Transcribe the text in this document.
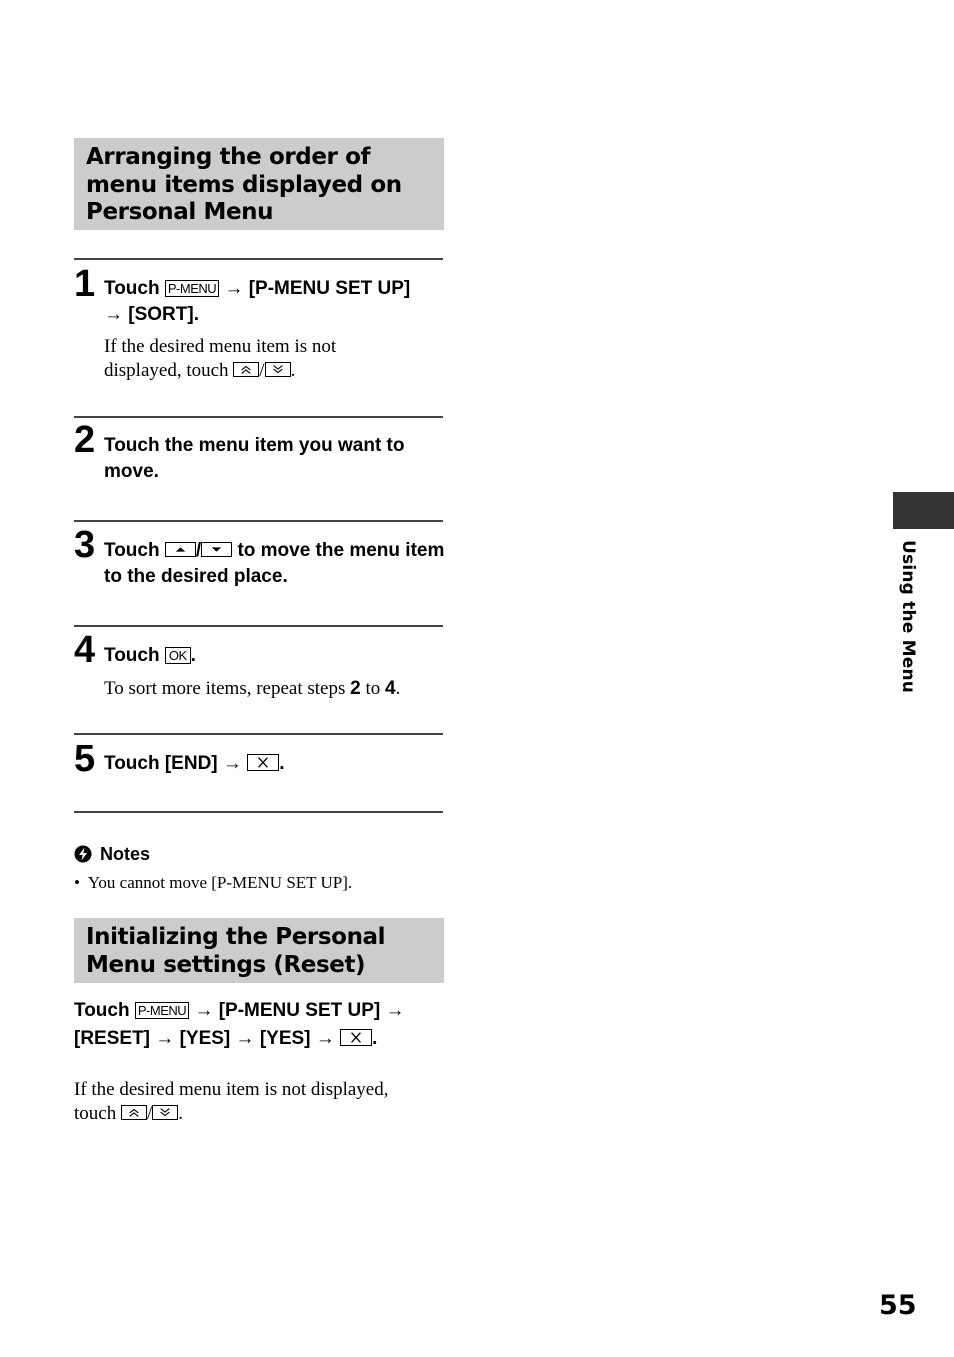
Arranging the order of menu items displayed on Personal Menu
1 Touch P-MENU → [P-MENU SET UP]
→ [SORT].
If the desired menu item is not displayed, touch / .
2 Touch the menu item you want to move.
3 Touch / to move the menu item to the desired place.
4 Touch OK .
To sort more items, repeat steps 2 to 4.
5 Touch [END] → .
Notes
• You cannot move [P-MENU SET UP].
Initializing the Personal Menu settings (Reset)
Touch P-MENU → [P-MENU SET UP] →
[RESET] → [YES] → [YES] → .
If the desired menu item is not displayed, touch / .
Using the Menu
55
